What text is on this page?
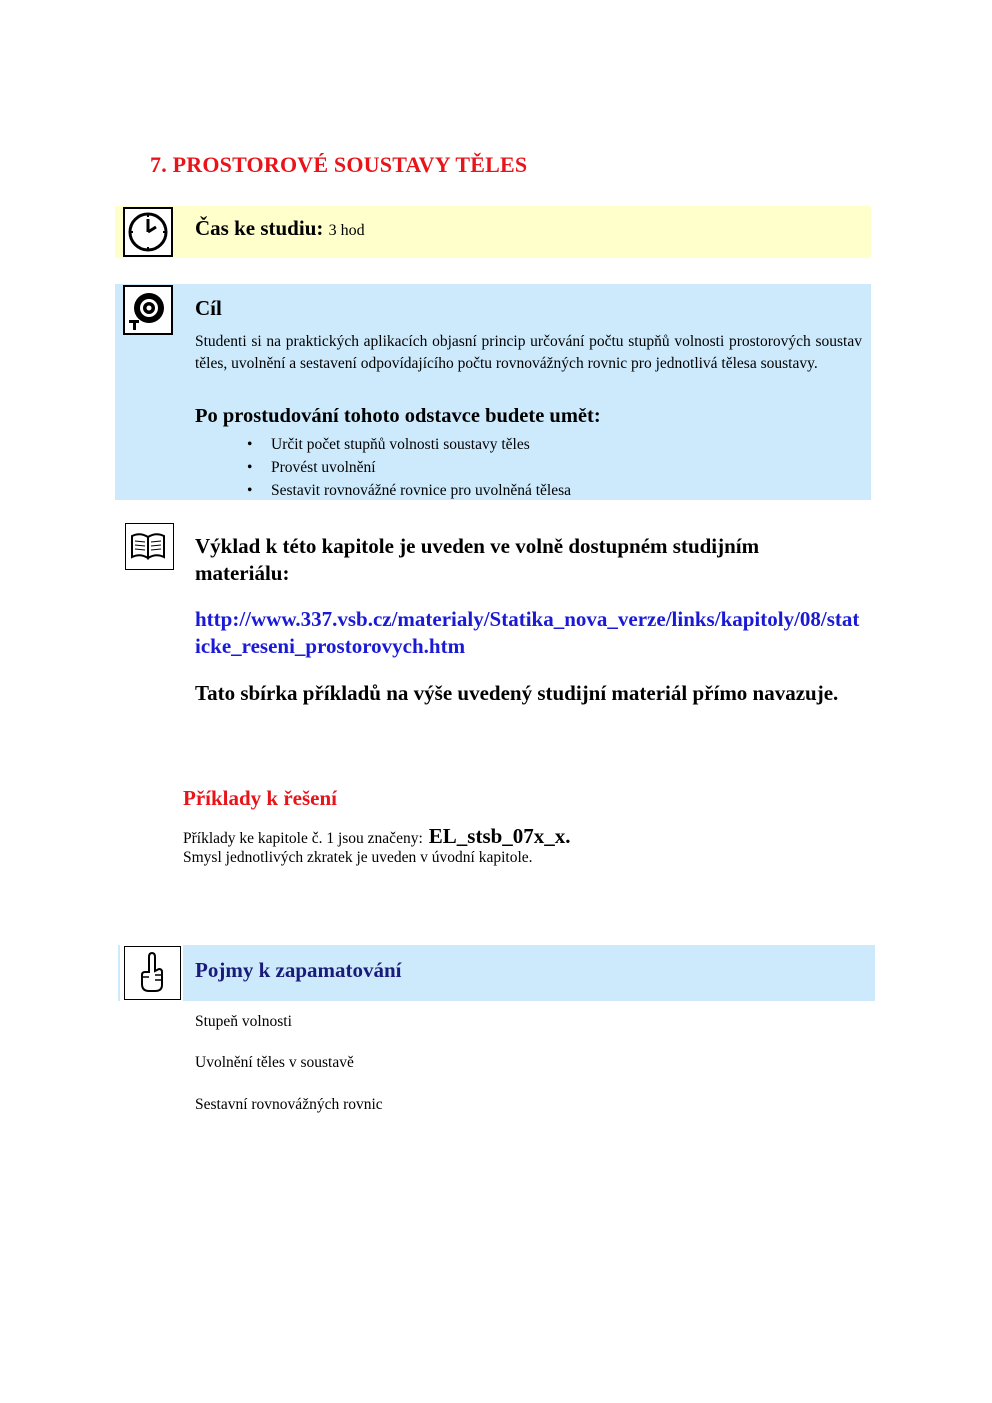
7. PROSTOROVÉ SOUSTAVY TĚLES
Čas ke studiu: 3 hod
Cíl
Studenti si na praktických aplikacích objasní princip určování počtu stupňů volnosti prostorových soustav těles, uvolnění a sestavení odpovídajícího počtu rovnovážných rovnic pro jednotlivá tělesa soustavy.
Po prostudování tohoto odstavce budete umět:
• Určit počet stupňů volnosti soustavy těles
• Provést uvolnění
• Sestavit rovnovážné rovnice pro uvolněná tělesa
Výklad k této kapitole je uveden ve volně dostupném studijním materiálu:
http://www.337.vsb.cz/materialy/Statika_nova_verze/links/kapitoly/08/staticke_reseni_prostorovych.htm
Tato sbírka příkladů na výše uvedený studijní materiál přímo navazuje.
Příklady k řešení
Příklady ke kapitole č. 1 jsou značeny: EL_stsb_07x_x.
Smysl jednotlivých zkratek je uveden v úvodní kapitole.
Pojmy k zapamatování
Stupeň volnosti
Uvolnění těles v soustavě
Sestavní rovnovážných rovnic
